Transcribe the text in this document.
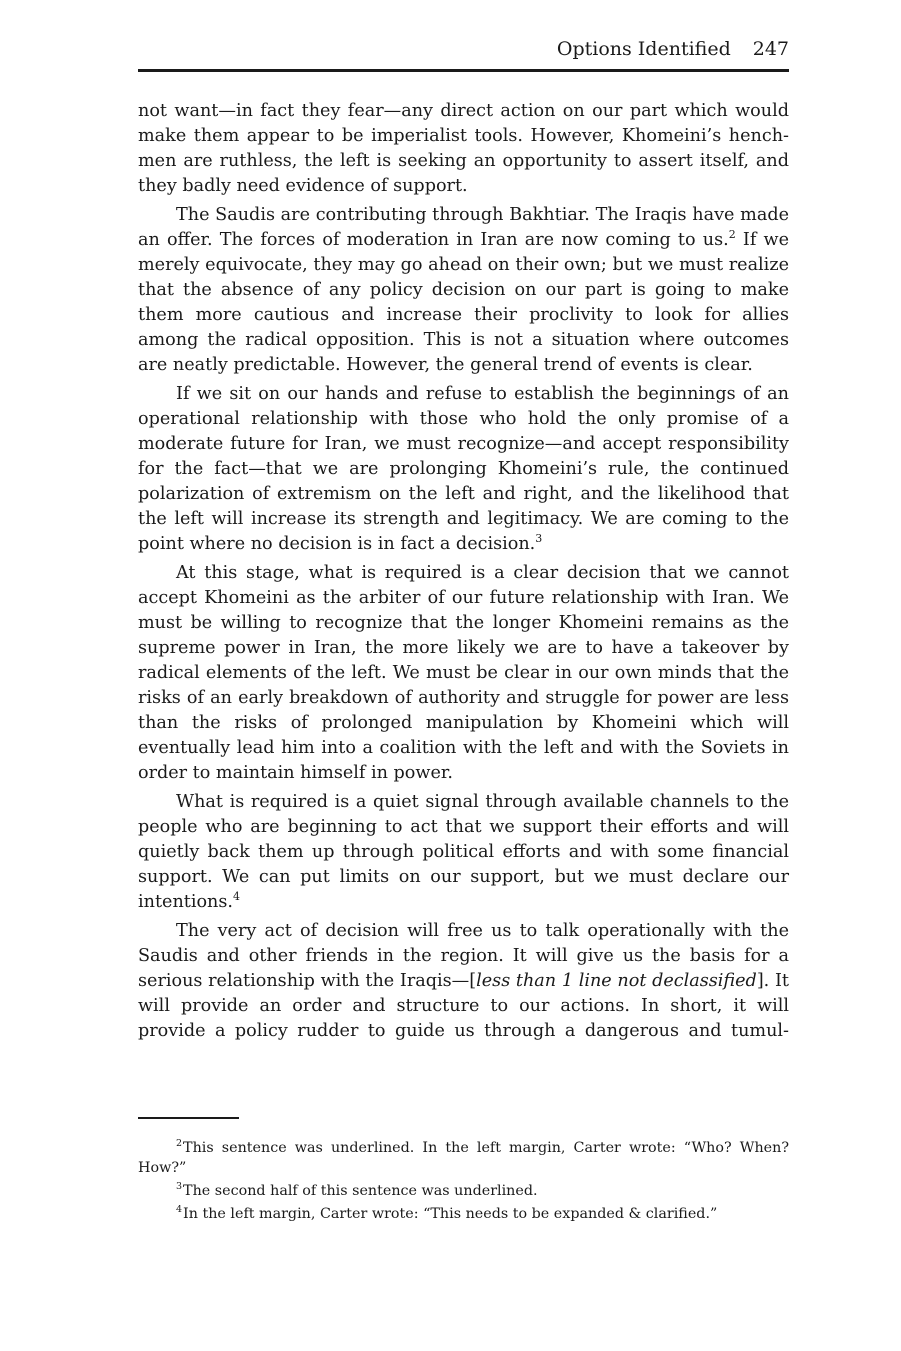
Options Identified 247

not want—in fact they fear—any direct action on our part which would make them appear to be imperialist tools. However, Khomeini’s hench-men are ruthless, the left is seeking an opportunity to assert itself, and they badly need evidence of support.

The Saudis are contributing through Bakhtiar. The Iraqis have made an offer. The forces of moderation in Iran are now coming to us.$^2$ If we merely equivocate, they may go ahead on their own; but we must realize that the absence of any policy decision on our part is going to make them more cautious and increase their proclivity to look for allies among the radical opposition. This is not a situation where outcomes are neatly predictable. However, the general trend of events is clear.

If we sit on our hands and refuse to establish the beginnings of an operational relationship with those who hold the only promise of a moderate future for Iran, we must recognize—and accept responsibility for the fact—that we are prolonging Khomeini’s rule, the continued polarization of extremism on the left and right, and the likelihood that the left will increase its strength and legitimacy. We are coming to the point where no decision is in fact a decision.$^3$

At this stage, what is required is a clear decision that we cannot accept Khomeini as the arbiter of our future relationship with Iran. We must be willing to recognize that the longer Khomeini remains as the supreme power in Iran, the more likely we are to have a takeover by radical elements of the left. We must be clear in our own minds that the risks of an early breakdown of authority and struggle for power are less than the risks of prolonged manipulation by Khomeini which will eventually lead him into a coalition with the left and with the Soviets in order to maintain himself in power.

What is required is a quiet signal through available channels to the people who are beginning to act that we support their efforts and will quietly back them up through political efforts and with some financial support. We can put limits on our support, but we must declare our intentions.$^4$

The very act of decision will free us to talk operationally with the Saudis and other friends in the region. It will give us the basis for a serious relationship with the Iraqis—[less than 1 line not declassified]. It will provide an order and structure to our actions. In short, it will provide a policy rudder to guide us through a dangerous and tumul-

$^2$This sentence was underlined. In the left margin, Carter wrote: “Who? When? How?”

$^3$The second half of this sentence was underlined.

$^4$In the left margin, Carter wrote: “This needs to be expanded & clarified.”
